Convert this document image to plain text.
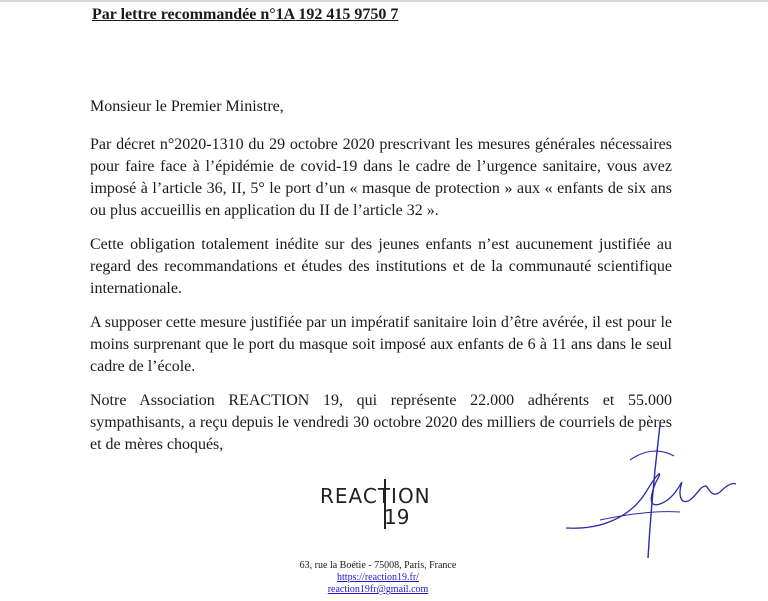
Par lettre recommandée n°1A 192 415 9750 7

Monsieur le Premier Ministre,

Par décret n°2020-1310 du 29 octobre 2020 prescrivant les mesures générales nécessaires pour faire face à l’épidémie de covid-19 dans le cadre de l’urgence sanitaire, vous avez imposé à l’article 36, II, 5° le port d’un « masque de protection » aux « enfants de six ans ou plus accueillis en application du II de l’article 32 ».

Cette obligation totalement inédite sur des jeunes enfants n’est aucunement justifiée au regard des recommandations et études des institutions et de la communauté scientifique internationale.

A supposer cette mesure justifiée par un impératif sanitaire loin d’être avérée, il est pour le moins surprenant que le port du masque soit imposé aux enfants de 6 à 11 ans dans le seul cadre de l’école.

Notre Association REACTION 19, qui représente 22.000 adhérents et 55.000 sympathisants, a reçu depuis le vendredi 30 octobre 2020 des milliers de courriels de pères et de mères choqués,

REACTION
19
63, rue la Boétie - 75008, Paris, France
https://reaction19.fr/
reaction19fr@gmail.com
